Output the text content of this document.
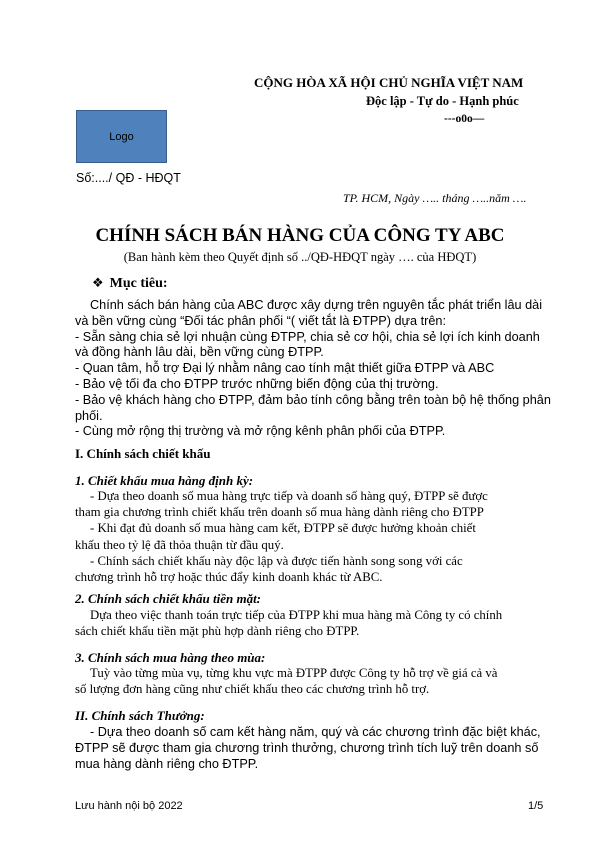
Logo
CỘNG HÒA XÃ HỘI CHỦ NGHĨA VIỆT NAM
Độc lập - Tự do - Hạnh phúc
---o0o—
Số:..../ QĐ - HĐQT
TP. HCM, Ngày ….. tháng …..năm ….
CHÍNH SÁCH BÁN HÀNG CỦA CÔNG TY ABC
(Ban hành kèm theo Quyết định số ../QĐ-HĐQT ngày …. của HĐQT)
❖ Mục tiêu:
Chính sách bán hàng của ABC được xây dựng trên nguyên tắc phát triển lâu dài
và bền vững cùng “Đối tác phân phối “( viết tắt là ĐTPP) dựa trên:
- Sẵn sàng chia sẻ lợi nhuận cùng ĐTPP, chia sẻ cơ hội, chia sẻ lợi ích kinh doanh
và đồng hành lâu dài, bền vững cùng ĐTPP.
- Quan tâm, hỗ trợ Đại lý nhằm nâng cao tính mật thiết giữa ĐTPP và ABC
- Bảo vệ tối đa cho ĐTPP trước những biến động của thị trường.
- Bảo vệ khách hàng cho ĐTPP, đảm bảo tính công bằng trên toàn bộ hệ thống phân
phối.
- Cùng mở rộng thị trường và mở rộng kênh phân phối của ĐTPP.
I. Chính sách chiết khấu
1. Chiết khấu mua hàng định kỳ:
- Dựa theo doanh số mua hàng trực tiếp và doanh số hàng quý, ĐTPP sẽ được
tham gia chương trình chiết khấu trên doanh số mua hàng dành riêng cho ĐTPP
- Khi đạt đủ doanh số mua hàng cam kết, ĐTPP sẽ được hưởng khoản chiết
khấu theo tỷ lệ đã thỏa thuận từ đầu quý.
- Chính sách chiết khấu này độc lập và được tiến hành song song với các
chương trình hỗ trợ hoặc thúc đẩy kinh doanh khác từ ABC.
2. Chính sách chiết khấu tiền mặt:
Dựa theo việc thanh toán trực tiếp của ĐTPP khi mua hàng mà Công ty có chính
sách chiết khấu tiền mặt phù hợp dành riêng cho ĐTPP.
3. Chính sách mua hàng theo mùa:
Tuỳ vào từng mùa vụ, từng khu vực mà ĐTPP được Công ty hỗ trợ về giá cả và
số lượng đơn hàng cũng như chiết khấu theo các chương trình hỗ trợ.
II. Chính sách Thưởng:
- Dựa theo doanh số cam kết hàng năm, quý và các chương trình đặc biệt khác,
ĐTPP sẽ được tham gia chương trình thưởng, chương trình tích luỹ trên doanh số
mua hàng dành riêng cho ĐTPP.
Lưu hành nội bộ 2022	1/5
